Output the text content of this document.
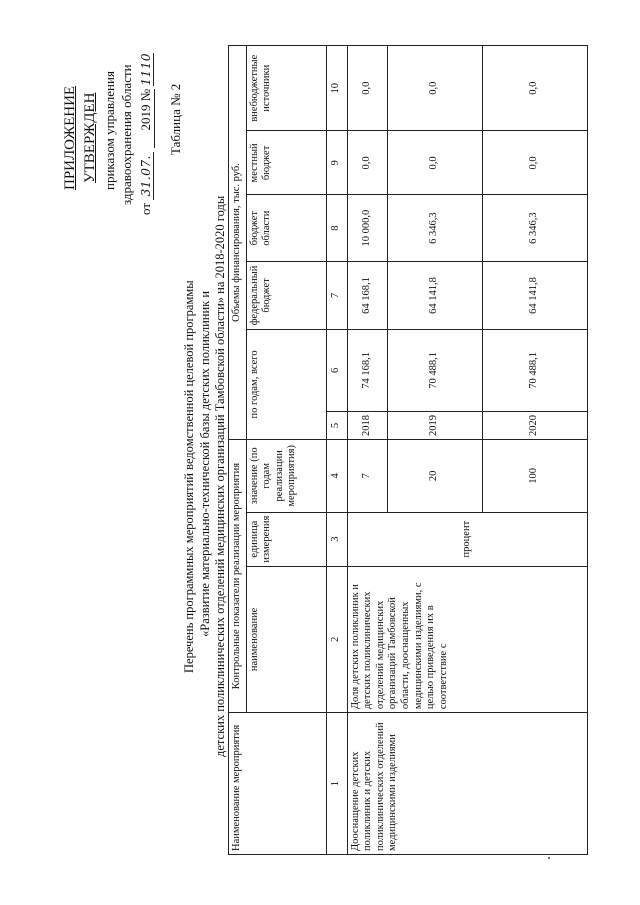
ПРИЛОЖЕНИЕ УТВЕРЖДЕН приказом управления здравоохранения области
от 31.07. 2019 № 1110
Таблица № 2
Перечень программных мероприятий ведомственной целевой программы «Развитие материально-технической базы детских поликлиник и детских поликлинических отделений медицинских организаций Тамбовской области» на 2018-2020 годы
Наименование мероприятия	Контрольные показатели реализации мероприятия			Объемы финансирования, тыс. руб.					
	наименование	единица измерения	значение (по годам реализации мероприятия)	по годам, всего		федеральный бюджет	бюджет области	местный бюджет	внебюджетные источники
1	2	3	4	5	6	7	8	9	10
Дооснащение детских поликлиник и детских поликлинических отделений медицинскими изделиями	Доля детских поликлиник и детских поликлинических отделений медицинских организаций Тамбовской области, дооснащенных медицинскими изделиями, с целью приведения их в соответствие с	процент	7	2018	74 168,1	64 168,1	10 000,0	0,0	0,0
			20	2019	70 488,1	64 141,8	6 346,3	0,0	0,0
			100	2020	70 488,1	64 141,8	6 346,3	0,0	0,0
